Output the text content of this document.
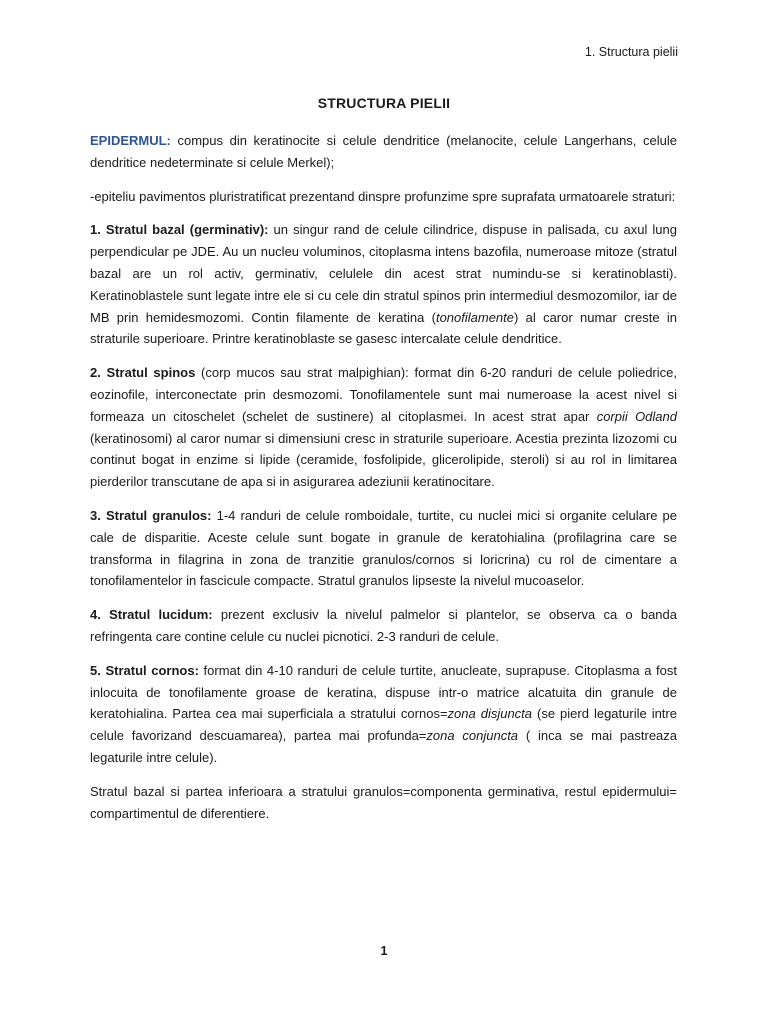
1. Structura pielii
STRUCTURA PIELII

EPIDERMUL: compus din keratinocite si celule dendritice (melanocite, celule Langerhans, celule dendritice nedeterminate si celule Merkel);

-epiteliu pavimentos pluristratificat prezentand dinspre profunzime spre suprafata urmatoarele straturi:

1. Stratul bazal (germinativ): un singur rand de celule cilindrice, dispuse in palisada, cu axul lung perpendicular pe JDE. Au un nucleu voluminos, citoplasma intens bazofila, numeroase mitoze (stratul bazal are un rol activ, germinativ, celulele din acest strat numindu-se si keratinoblasti). Keratinoblastele sunt legate intre ele si cu cele din stratul spinos prin intermediul desmozomilor, iar de MB prin hemidesmozomi. Contin filamente de keratina (tonofilamente) al caror numar creste in straturile superioare. Printre keratinoblaste se gasesc intercalate celule dendritice.

2. Stratul spinos (corp mucos sau strat malpighian): format din 6-20 randuri de celule poliedrice, eozinofile, interconectate prin desmozomi. Tonofilamentele sunt mai numeroase la acest nivel si formeaza un citoschelet (schelet de sustinere) al citoplasmei. In acest strat apar corpii Odland (keratinosomi) al caror numar si dimensiuni cresc in straturile superioare. Acestia prezinta lizozomi cu continut bogat in enzime si lipide (ceramide, fosfolipide, glicerolipide, steroli) si au rol in limitarea pierderilor transcutane de apa si in asigurarea adeziunii keratinocitare.

3. Stratul granulos: 1-4 randuri de celule romboidale, turtite, cu nuclei mici si organite celulare pe cale de disparitie. Aceste celule sunt bogate in granule de keratohialina (profilagrina care se transforma in filagrina in zona de tranzitie granulos/cornos si loricrina) cu rol de cimentare a tonofilamentelor in fascicule compacte. Stratul granulos lipseste la nivelul mucoaselor.

4. Stratul lucidum: prezent exclusiv la nivelul palmelor si plantelor, se observa ca o banda refringenta care contine celule cu nuclei picnotici. 2-3 randuri de celule.

5. Stratul cornos: format din 4-10 randuri de celule turtite, anucleate, suprapuse. Citoplasma a fost inlocuita de tonofilamente groase de keratina, dispuse intr-o matrice alcatuita din granule de keratohialina. Partea cea mai superficiala a stratului cornos=zona disjuncta (se pierd legaturile intre celule favorizand descuamarea), partea mai profunda=zona conjuncta ( inca se mai pastreaza legaturile intre celule).

Stratul bazal si partea inferioara a stratului granulos=componenta germinativa, restul epidermului= compartimentul de diferentiere.

1
